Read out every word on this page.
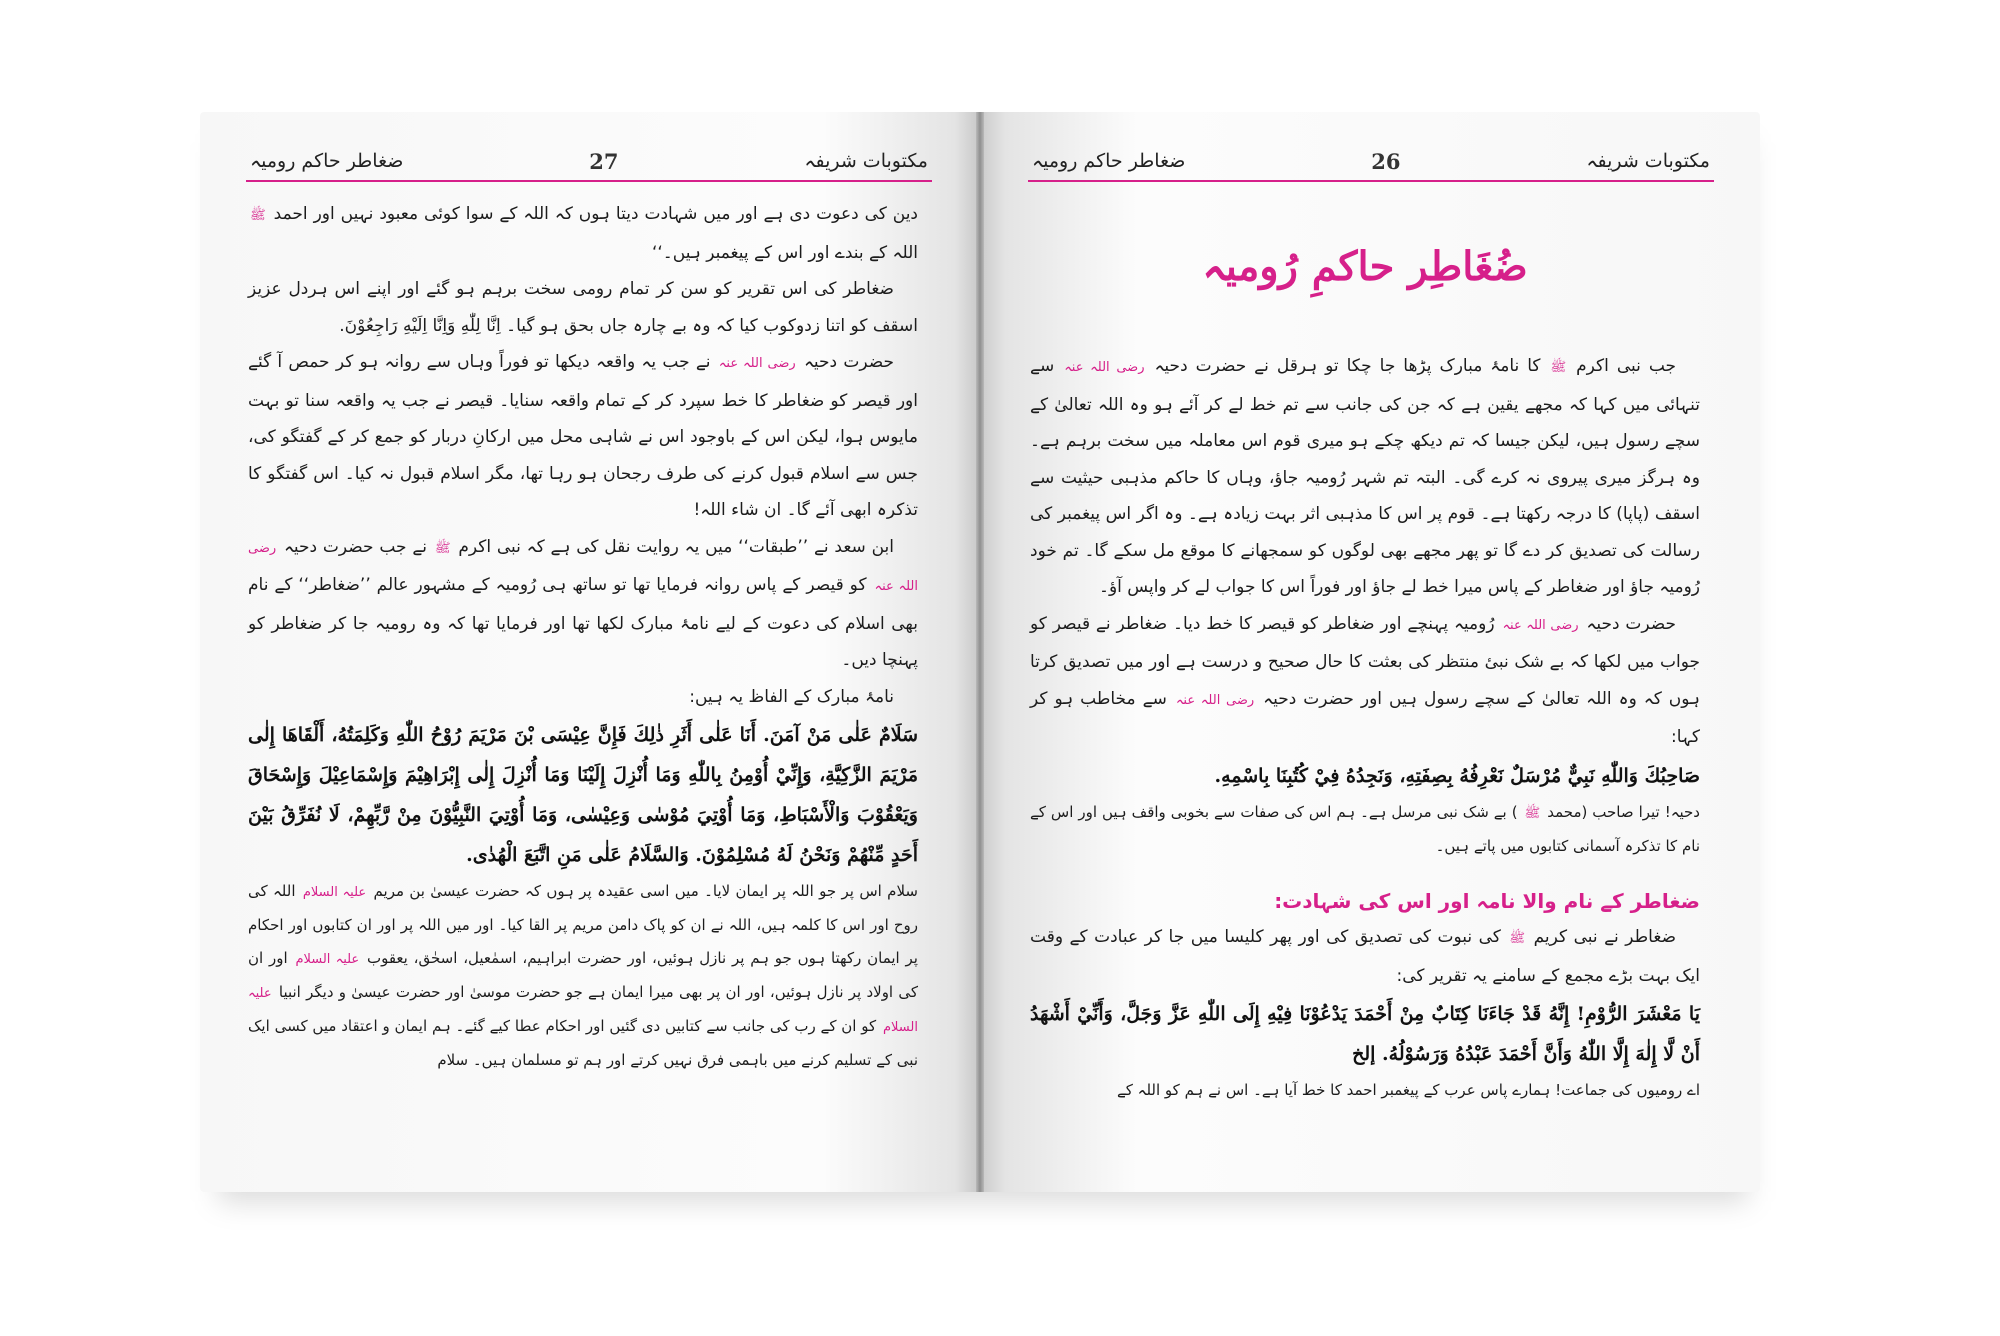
ضغاطر حاکم رومیہ	27	مکتوبات شریفہ

دین کی دعوت دی ہے اور میں شہادت دیتا ہوں کہ اللہ کے سوا کوئی معبود نہیں اور احمد ﷺ اللہ کے بندے اور اس کے پیغمبر ہیں۔‘‘

ضغاطر کی اس تقریر کو سن کر تمام رومی سخت برہم ہو گئے اور اپنے اس ہردل عزیز اسقف کو اتنا زدوکوب کیا کہ وہ بے چارہ جاں بحق ہو گیا۔ اِنَّا لِلّٰهِ وَاِنَّا اِلَيْهِ رَاجِعُوْنَ.

حضرت دحیہ رضی اللہ عنہ نے جب یہ واقعہ دیکھا تو فوراً وہاں سے روانہ ہو کر حمص آ گئے اور قیصر کو ضغاطر کا خط سپرد کر کے تمام واقعہ سنایا۔ قیصر نے جب یہ واقعہ سنا تو بہت مایوس ہوا، لیکن اس کے باوجود اس نے شاہی محل میں ارکانِ دربار کو جمع کر کے گفتگو کی، جس سے اسلام قبول کرنے کی طرف رجحان ہو رہا تھا، مگر اسلام قبول نہ کیا۔ اس گفتگو کا تذکرہ ابھی آئے گا۔ ان شاء اللہ!

ابن سعد نے ’’طبقات‘‘ میں یہ روایت نقل کی ہے کہ نبی اکرم ﷺ نے جب حضرت دحیہ رضی اللہ عنہ کو قیصر کے پاس روانہ فرمایا تھا تو ساتھ ہی رُومیہ کے مشہور عالم ’’ضغاطر‘‘ کے نام بھی اسلام کی دعوت کے لیے نامۂ مبارک لکھا تھا اور فرمایا تھا کہ وہ رومیہ جا کر ضغاطر کو پہنچا دیں۔

نامۂ مبارک کے الفاظ یہ ہیں:

سَلَامٌ عَلٰى مَنْ آمَنَ. أَنَا عَلٰى أَثَرِ ذٰلِكَ فَإِنَّ عِيْسَى بْنَ مَرْيَمَ رُوْحُ اللّٰهِ وَكَلِمَتُهُ، أَلْقَاهَا إِلٰى مَرْيَمَ الزَّكِيَّةِ، وَإِنِّيْ أُوْمِنُ بِاللّٰهِ وَمَا أُنْزِلَ إِلَيْنَا وَمَا أُنْزِلَ إِلٰى إِبْرَاهِيْمَ وَإِسْمَاعِيْلَ وَإِسْحَاقَ وَيَعْقُوْبَ وَالْأَسْبَاطِ، وَمَا أُوْتِيَ مُوْسٰى وَعِيْسٰى، وَمَا أُوْتِيَ النَّبِيُّوْنَ مِنْ رَّبِّهِمْ، لَا نُفَرِّقُ بَيْنَ أَحَدٍ مِّنْهُمْ وَنَحْنُ لَهُ مُسْلِمُوْنَ. وَالسَّلَامُ عَلٰى مَنِ اتَّبَعَ الْهُدٰى.

سلام اس پر جو اللہ پر ایمان لایا۔ میں اسی عقیدہ پر ہوں کہ حضرت عیسیٰ بن مریم علیہ السلام اللہ کی روح اور اس کا کلمہ ہیں، اللہ نے ان کو پاک دامن مریم پر القا کیا۔ اور میں اللہ پر اور ان کتابوں اور احکام پر ایمان رکھتا ہوں جو ہم پر نازل ہوئیں، اور حضرت ابراہیم، اسمٰعیل، اسحٰق، یعقوب علیہ السلام اور ان کی اولاد پر نازل ہوئیں، اور ان پر بھی میرا ایمان ہے جو حضرت موسیٰ اور حضرت عیسیٰ و دیگر انبیا علیہ السلام کو ان کے رب کی جانب سے کتابیں دی گئیں اور احکام عطا کیے گئے۔ ہم ایمان و اعتقاد میں کسی ایک نبی کے تسلیم کرنے میں باہمی فرق نہیں کرتے اور ہم تو مسلمان ہیں۔ سلام

ضغاطر حاکم رومیہ	26	مکتوبات شریفہ

ضُغَاطِر حاکمِ رُومیہ

جب نبی اکرم ﷺ کا نامۂ مبارک پڑھا جا چکا تو ہرقل نے حضرت دحیہ رضی اللہ عنہ سے تنہائی میں کہا کہ مجھے یقین ہے کہ جن کی جانب سے تم خط لے کر آئے ہو وہ اللہ تعالیٰ کے سچے رسول ہیں، لیکن جیسا کہ تم دیکھ چکے ہو میری قوم اس معاملہ میں سخت برہم ہے۔ وہ ہرگز میری پیروی نہ کرے گی۔ البتہ تم شہر رُومیہ جاؤ، وہاں کا حاکم مذہبی حیثیت سے اسقف (پاپا) کا درجہ رکھتا ہے۔ قوم پر اس کا مذہبی اثر بہت زیادہ ہے۔ وہ اگر اس پیغمبر کی رسالت کی تصدیق کر دے گا تو پھر مجھے بھی لوگوں کو سمجھانے کا موقع مل سکے گا۔ تم خود رُومیہ جاؤ اور ضغاطر کے پاس میرا خط لے جاؤ اور فوراً اس کا جواب لے کر واپس آؤ۔

حضرت دحیہ رضی اللہ عنہ رُومیہ پہنچے اور ضغاطر کو قیصر کا خط دیا۔ ضغاطر نے قیصر کو جواب میں لکھا کہ بے شک نبیٔ منتظر کی بعثت کا حال صحیح و درست ہے اور میں تصدیق کرتا ہوں کہ وہ اللہ تعالیٰ کے سچے رسول ہیں اور حضرت دحیہ رضی اللہ عنہ سے مخاطب ہو کر کہا:

صَاحِبُكَ وَاللّٰهِ نَبِيٌّ مُرْسَلٌ نَعْرِفُهُ بِصِفَتِهِ، وَنَجِدُهُ فِيْ كُتُبِنَا بِاسْمِهِ.

دحیہ! تیرا صاحب (محمد ﷺ ) بے شک نبی مرسل ہے۔ ہم اس کی صفات سے بخوبی واقف ہیں اور اس کے نام کا تذکرہ آسمانی کتابوں میں پاتے ہیں۔

ضغاطر کے نام والا نامہ اور اس کی شہادت:

ضغاطر نے نبی کریم ﷺ کی نبوت کی تصدیق کی اور پھر کلیسا میں جا کر عبادت کے وقت ایک بہت بڑے مجمع کے سامنے یہ تقریر کی:

يَا مَعْشَرَ الرُّوْمِ! إِنَّهُ قَدْ جَاءَنَا كِتَابٌ مِنْ أَحْمَدَ يَدْعُوْنَا فِيْهِ إِلَى اللّٰهِ عَزَّ وَجَلَّ، وَأَنِّيْ أَشْهَدُ أَنْ لَّا إِلٰهَ إِلَّا اللّٰهُ وَأَنَّ أَحْمَدَ عَبْدُهُ وَرَسُوْلُهُ. إلخ

اے رومیوں کی جماعت! ہمارے پاس عرب کے پیغمبر احمد کا خط آیا ہے۔ اس نے ہم کو اللہ کے
